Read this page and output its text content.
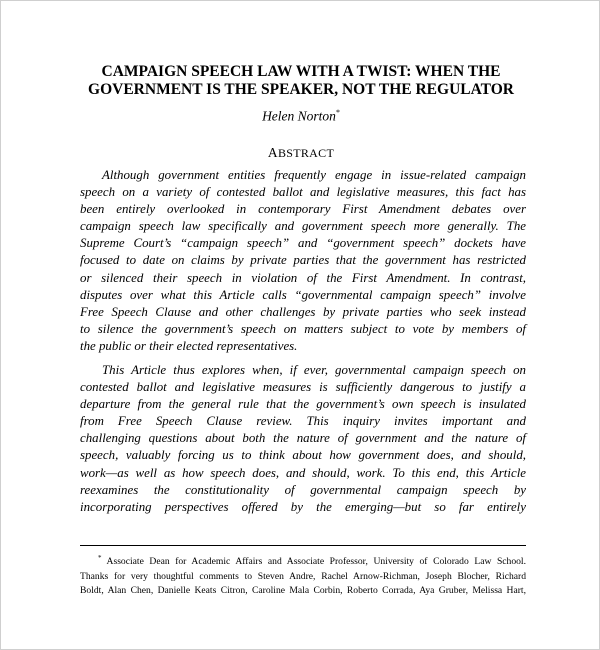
CAMPAIGN SPEECH LAW WITH A TWIST: WHEN THE
GOVERNMENT IS THE SPEAKER, NOT THE REGULATOR
Helen Norton*
ABSTRACT

Although government entities frequently engage in issue-related campaign
speech on a variety of contested ballot and legislative measures, this fact has
been entirely overlooked in contemporary First Amendment debates over
campaign speech law specifically and government speech more generally. The
Supreme Court’s “campaign speech” and “government speech” dockets have
focused to date on claims by private parties that the government has restricted
or silenced their speech in violation of the First Amendment. In contrast,
disputes over what this Article calls “governmental campaign speech” involve
Free Speech Clause and other challenges by private parties who seek instead
to silence the government’s speech on matters subject to vote by members of
the public or their elected representatives.

This Article thus explores when, if ever, governmental campaign speech on
contested ballot and legislative measures is sufficiently dangerous to justify a
departure from the general rule that the government’s own speech is insulated
from Free Speech Clause review. This inquiry invites important and
challenging questions about both the nature of government and the nature of
speech, valuably forcing us to think about how government does, and should,
work—as well as how speech does, and should, work. To this end, this Article
reexamines the constitutionality of governmental campaign speech by
incorporating perspectives offered by the emerging—but so far entirely

* Associate Dean for Academic Affairs and Associate Professor, University of Colorado Law School.
Thanks for very thoughtful comments to Steven Andre, Rachel Arnow-Richman, Joseph Blocher, Richard
Boldt, Alan Chen, Danielle Keats Citron, Caroline Mala Corbin, Roberto Corrada, Aya Gruber, Melissa Hart,
